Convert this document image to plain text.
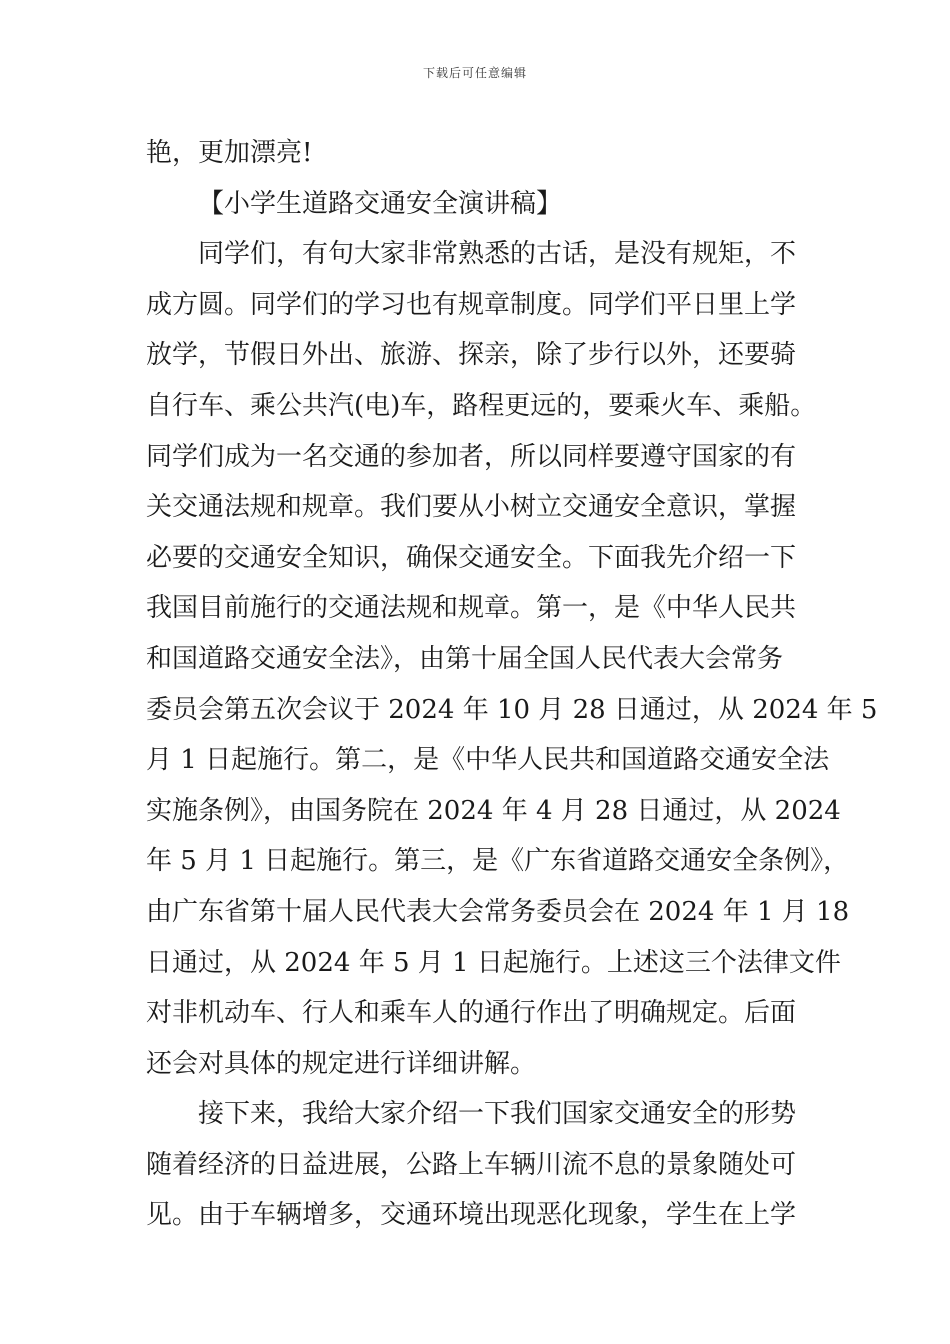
下载后可任意编辑
艳，更加漂亮!
【小学生道路交通安全演讲稿】
同学们，有句大家非常熟悉的古话，是没有规矩，不
成方圆。同学们的学习也有规章制度。同学们平日里上学
放学，节假日外出、旅游、探亲，除了步行以外，还要骑
自行车、乘公共汽(电)车，路程更远的，要乘火车、乘船。
同学们成为一名交通的参加者，所以同样要遵守国家的有
关交通法规和规章。我们要从小树立交通安全意识，掌握
必要的交通安全知识，确保交通安全。下面我先介绍一下
我国目前施行的交通法规和规章。第一，是《中华人民共
和国道路交通安全法》，由第十届全国人民代表大会常务
委员会第五次会议于 2024 年 10 月 28 日通过，从 2024 年 5
月 1 日起施行。第二，是《中华人民共和国道路交通安全法
实施条例》，由国务院在 2024 年 4 月 28 日通过，从 2024
年 5 月 1 日起施行。第三，是《广东省道路交通安全条例》，
由广东省第十届人民代表大会常务委员会在 2024 年 1 月 18
日通过，从 2024 年 5 月 1 日起施行。上述这三个法律文件
对非机动车、行人和乘车人的通行作出了明确规定。后面
还会对具体的规定进行详细讲解。
接下来，我给大家介绍一下我们国家交通安全的形势
随着经济的日益进展，公路上车辆川流不息的景象随处可
见。由于车辆增多，交通环境出现恶化现象，学生在上学
